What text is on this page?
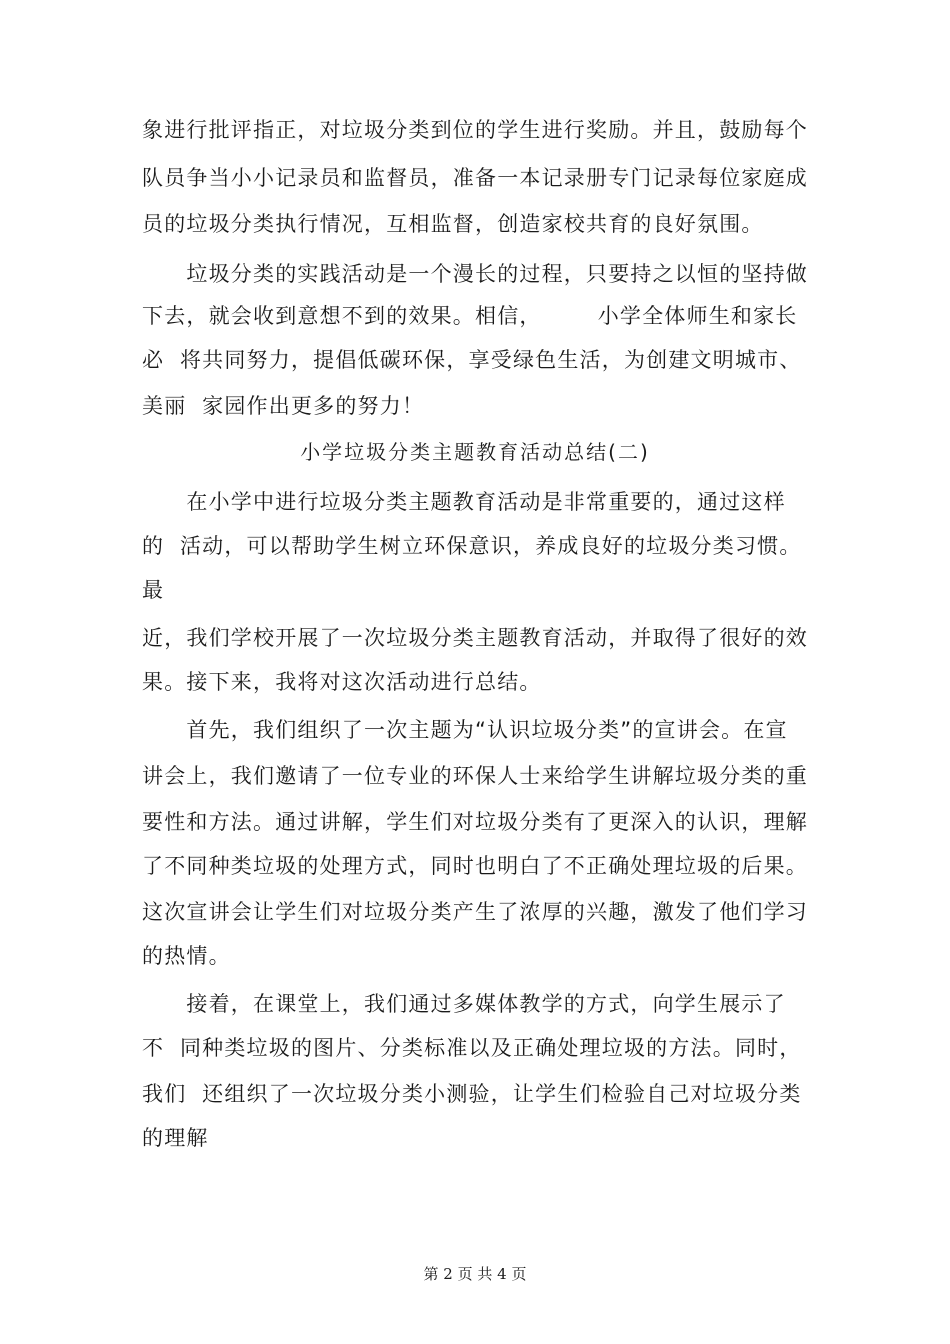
象进行批评指正，对垃圾分类到位的学生进行奖励。并且，鼓励每个
队员争当小小记录员和监督员，准备一本记录册专门记录每位家庭成
员的垃圾分类执行情况，互相监督，创造家校共育的良好氛围。
　　垃圾分类的实践活动是一个漫长的过程，只要持之以恒的坚持做
下去，就会收到意想不到的效果。相信，　　　小学全体师生和家长
必  将共同努力，提倡低碳环保，享受绿色生活，为创建文明城市、
美丽  家园作出更多的努力！
小学垃圾分类主题教育活动总结(二)
　　在小学中进行垃圾分类主题教育活动是非常重要的，通过这样
的  活动，可以帮助学生树立环保意识，养成良好的垃圾分类习惯。
最
近，我们学校开展了一次垃圾分类主题教育活动，并取得了很好的效
果。接下来，我将对这次活动进行总结。
　　首先，我们组织了一次主题为“认识垃圾分类”的宣讲会。在宣
讲会上，我们邀请了一位专业的环保人士来给学生讲解垃圾分类的重
要性和方法。通过讲解，学生们对垃圾分类有了更深入的认识，理解
了不同种类垃圾的处理方式，同时也明白了不正确处理垃圾的后果。
这次宣讲会让学生们对垃圾分类产生了浓厚的兴趣，激发了他们学习
的热情。
　　接着，在课堂上，我们通过多媒体教学的方式，向学生展示了
不  同种类垃圾的图片、分类标准以及正确处理垃圾的方法。同时，
我们  还组织了一次垃圾分类小测验，让学生们检验自己对垃圾分类
的理解
第 2 页 共 4 页
